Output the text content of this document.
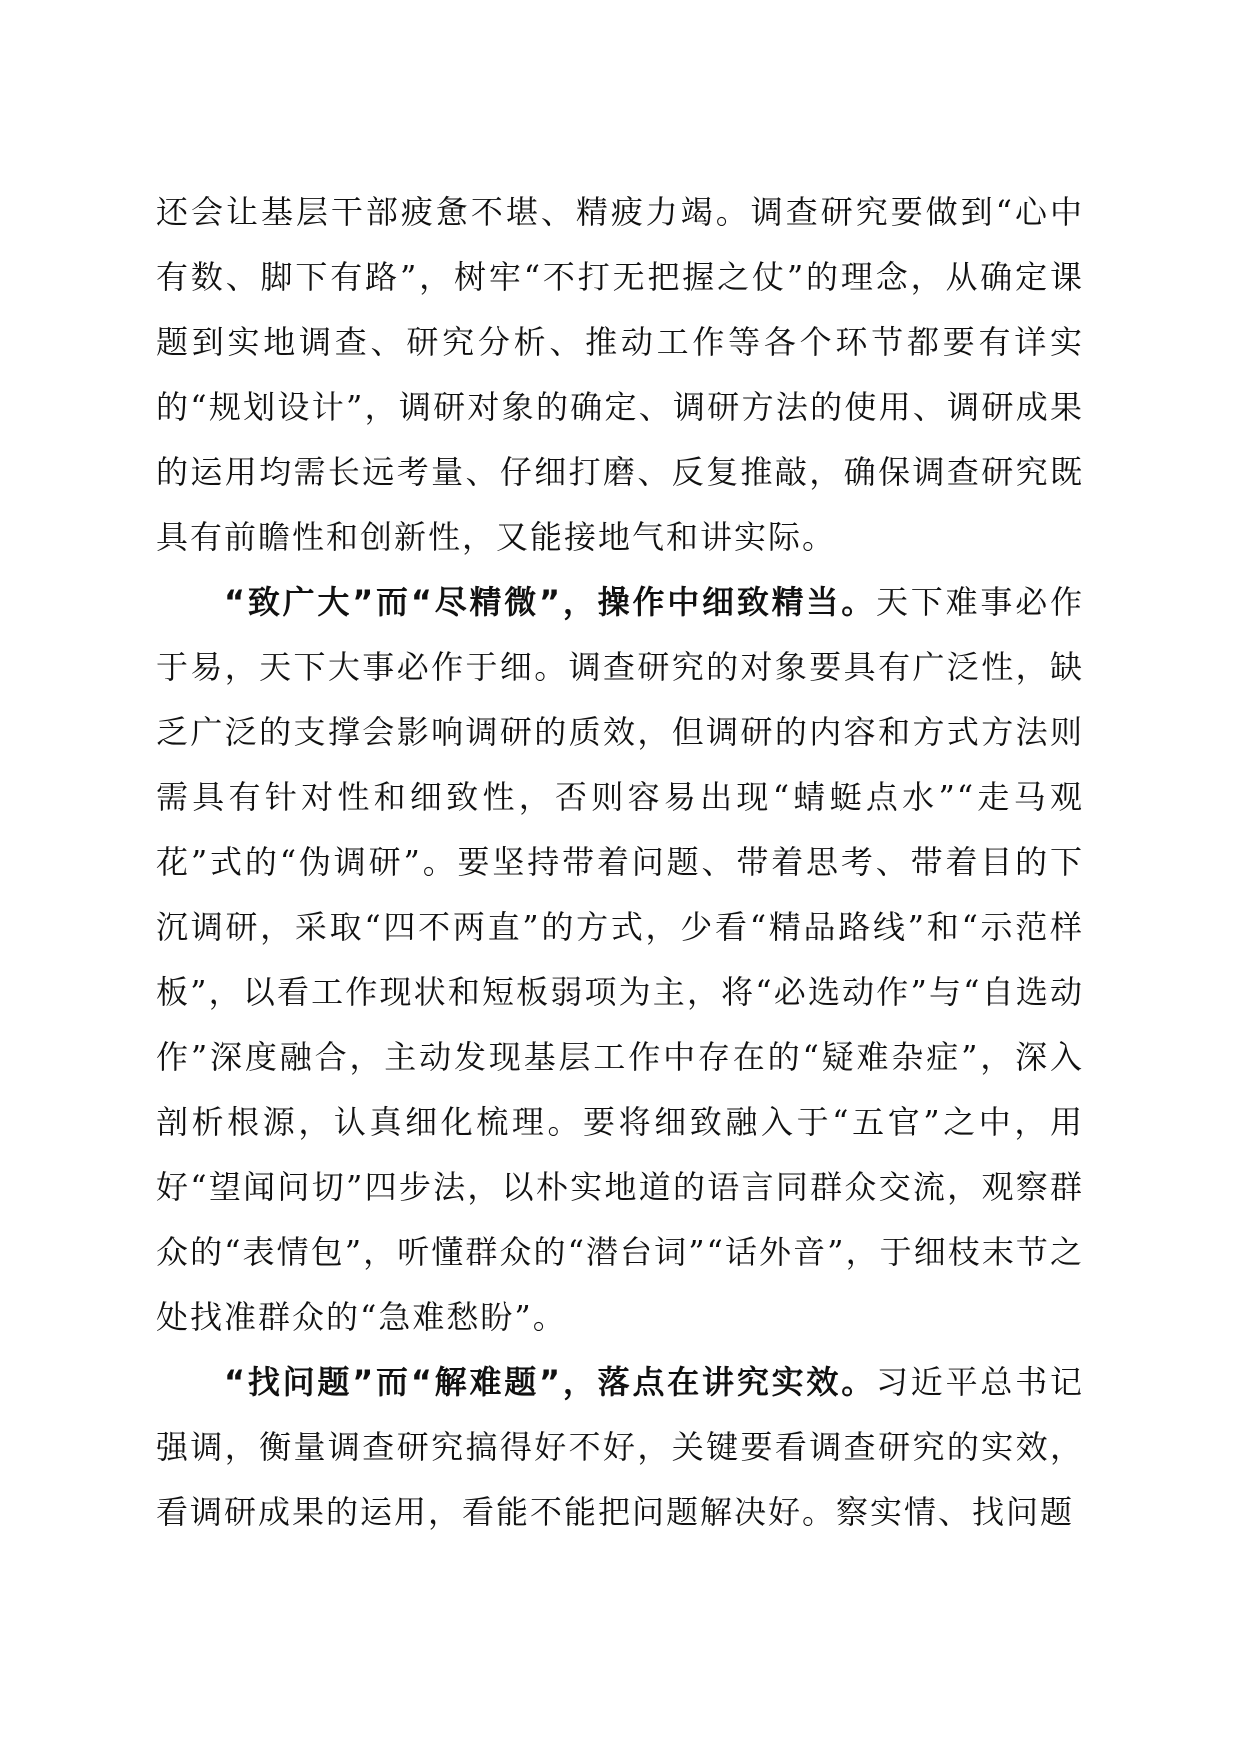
还会让基层干部疲惫不堪、精疲力竭。调查研究要做到“心中有数、脚下有路”，树牢“不打无把握之仗”的理念，从确定课题到实地调查、研究分析、推动工作等各个环节都要有详实的“规划设计”，调研对象的确定、调研方法的使用、调研成果的运用均需长远考量、仔细打磨、反复推敲，确保调查研究既具有前瞻性和创新性，又能接地气和讲实际。

“致广大”而“尽精微”，操作中细致精当。天下难事必作于易，天下大事必作于细。调查研究的对象要具有广泛性，缺乏广泛的支撑会影响调研的质效，但调研的内容和方式方法则需具有针对性和细致性，否则容易出现“蜻蜓点水”“走马观花”式的“伪调研”。要坚持带着问题、带着思考、带着目的下沉调研，采取“四不两直”的方式，少看“精品路线”和“示范样板”，以看工作现状和短板弱项为主，将“必选动作”与“自选动作”深度融合，主动发现基层工作中存在的“疑难杂症”，深入剖析根源，认真细化梳理。要将细致融入于“五官”之中，用好“望闻问切”四步法，以朴实地道的语言同群众交流，观察群众的“表情包”，听懂群众的“潜台词”“话外音”，于细枝末节之处找准群众的“急难愁盼”。

“找问题”而“解难题”，落点在讲究实效。习近平总书记强调，衡量调查研究搞得好不好，关键要看调查研究的实效，看调研成果的运用，看能不能把问题解决好。察实情、找问题
